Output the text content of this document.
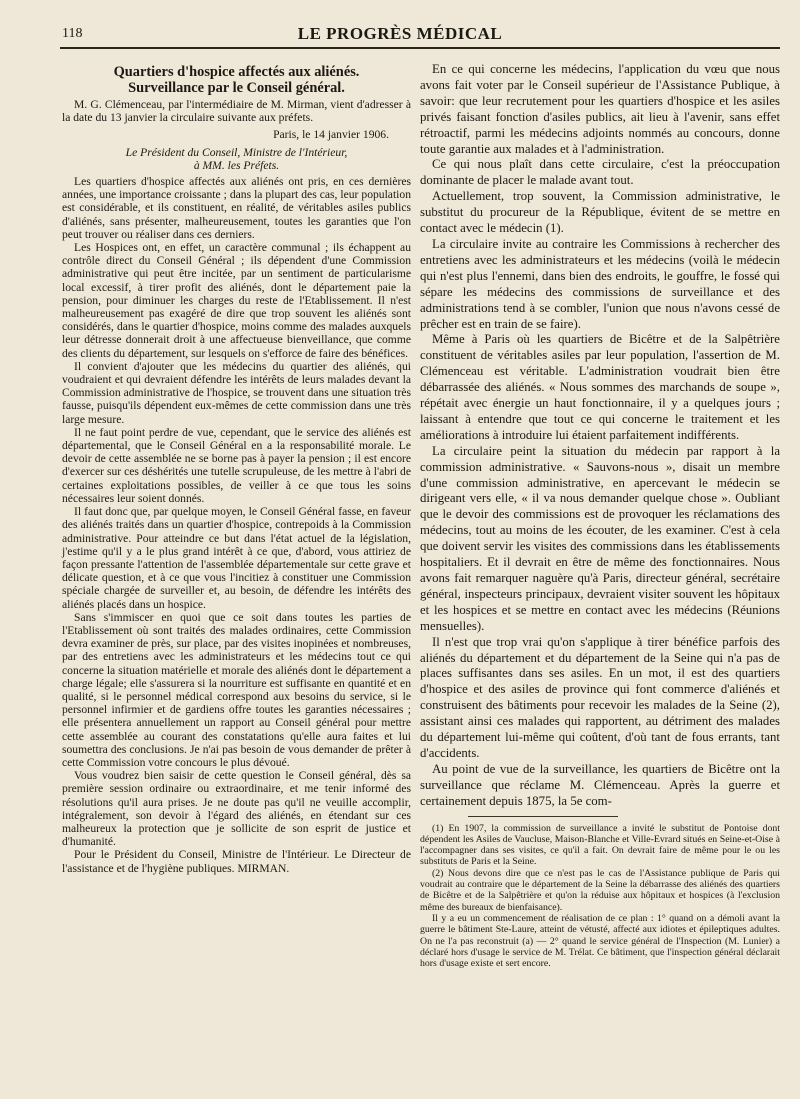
118	LE PROGRÈS MÉDICAL
Quartiers d'hospice affectés aux aliénés.
Surveillance par le Conseil général.

M. G. Clémenceau, par l'intermédiaire de M. Mirman, vient d'adresser à la date du 13 janvier la circulaire suivante aux préfets.

Paris, le 14 janvier 1906.
Le Président du Conseil, Ministre de l'Intérieur,
à MM. les Préfets.

Les quartiers d'hospice affectés aux aliénés ont pris, en ces dernières années, une importance croissante ; dans la plupart des cas, leur population est considérable, et ils constituent, en réalité, de véritables asiles publics d'aliénés, sans présenter, malheureusement, toutes les garanties que l'on peut trouver ou réaliser dans ces derniers.

Les Hospices ont, en effet, un caractère communal ; ils échappent au contrôle direct du Conseil Général ; ils dépendent d'une Commission administrative qui peut être incitée, par un sentiment de particularisme local excessif, à tirer profit des aliénés, dont le département paie la pension, pour diminuer les charges du reste de l'Etablissement. Il n'est malheureusement pas exagéré de dire que trop souvent les aliénés sont considérés, dans le quartier d'hospice, moins comme des malades auxquels leur détresse donnerait droit à une affectueuse bienveillance, que comme des clients du département, sur lesquels on s'efforce de faire des bénéfices.

Il convient d'ajouter que les médecins du quartier des aliénés, qui voudraient et qui devraient défendre les intérêts de leurs malades devant la Commission administrative de l'hospice, se trouvent dans une situation très fausse, puisqu'ils dépendent eux-mêmes de cette commission dans une très large mesure.

Il ne faut point perdre de vue, cependant, que le service des aliénés est départemental, que le Conseil Général en a la responsabilité morale. Le devoir de cette assemblée ne se borne pas à payer la pension ; il est encore d'exercer sur ces déshérités une tutelle scrupuleuse, de les mettre à l'abri de certaines exploitations possibles, de veiller à ce que tous les soins nécessaires leur soient donnés.

Il faut donc que, par quelque moyen, le Conseil Général fasse, en faveur des aliénés traités dans un quartier d'hospice, contrepoids à la Commission administrative. Pour atteindre ce but dans l'état actuel de la législation, j'estime qu'il y a le plus grand intérêt à ce que, d'abord, vous attiriez de façon pressante l'attention de l'assemblée départementale sur cette grave et délicate question, et à ce que vous l'incitiez à constituer une Commission spéciale chargée de surveiller et, au besoin, de défendre les intérêts des aliénés placés dans un hospice.

Sans s'immiscer en quoi que ce soit dans toutes les parties de l'Etablissement où sont traités des malades ordinaires, cette Commission devra examiner de près, sur place, par des visites inopinées et nombreuses, par des entretiens avec les administrateurs et les médecins tout ce qui concerne la situation matérielle et morale des aliénés dont le département a charge légale; elle s'assurera si la nourriture est suffisante en quantité et en qualité, si le personnel médical correspond aux besoins du service, si le personnel infirmier et de gardiens offre toutes les garanties nécessaires ; elle présentera annuellement un rapport au Conseil général pour mettre cette assemblée au courant des constatations qu'elle aura faites et lui soumettra des conclusions. Je n'ai pas besoin de vous demander de prêter à cette Commission votre concours le plus dévoué.

Vous voudrez bien saisir de cette question le Conseil général, dès sa première session ordinaire ou extraordinaire, et me tenir informé des résolutions qu'il aura prises. Je ne doute pas qu'il ne veuille accomplir, intégralement, son devoir à l'égard des aliénés, en étendant sur ces malheureux la protection que je sollicite de son esprit de justice et d'humanité.

Pour le Président du Conseil, Ministre de l'Intérieur. Le Directeur de l'assistance et de l'hygiène publiques. MIRMAN.

En ce qui concerne les médecins, l'application du vœu que nous avons fait voter par le Conseil supérieur de l'Assistance Publique, à savoir: que leur recrutement pour les quartiers d'hospice et les asiles privés faisant fonction d'asiles publics, ait lieu à l'avenir, sans effet rétroactif, parmi les médecins adjoints nommés au concours, donne toute garantie aux malades et à l'administration.

Ce qui nous plaît dans cette circulaire, c'est la préoccupation dominante de placer le malade avant tout.

Actuellement, trop souvent, la Commission administrative, le substitut du procureur de la République, évitent de se mettre en contact avec le médecin (1).

La circulaire invite au contraire les Commissions à rechercher des entretiens avec les administrateurs et les médecins (voilà le médecin qui n'est plus l'ennemi, dans bien des endroits, le gouffre, le fossé qui sépare les médecins des commissions de surveillance et des administrations tend à se combler, l'union que nous n'avons cessé de prêcher est en train de se faire).

Même à Paris où les quartiers de Bicêtre et de la Salpêtrière constituent de véritables asiles par leur population, l'assertion de M. Clémenceau est véritable. L'administration voudrait bien être débarrassée des aliénés. « Nous sommes des marchands de soupe », répétait avec énergie un haut fonctionnaire, il y a quelques jours ; laissant à entendre que tout ce qui concerne le traitement et les améliorations à introduire lui étaient parfaitement indifférents.

La circulaire peint la situation du médecin par rapport à la commission administrative. « Sauvons-nous », disait un membre d'une commission administrative, en apercevant le médecin se dirigeant vers elle, « il va nous demander quelque chose ». Oubliant que le devoir des commissions est de provoquer les réclamations des médecins, tout au moins de les écouter, de les examiner. C'est à cela que doivent servir les visites des commissions dans les établissements hospitaliers. Et il devrait en être de même des fonctionnaires. Nous avons fait remarquer naguère qu'à Paris, directeur général, secrétaire général, inspecteurs principaux, devraient visiter souvent les hôpitaux et les hospices et se mettre en contact avec les médecins (Réunions mensuelles).

Il n'est que trop vrai qu'on s'applique à tirer bénéfice parfois des aliénés du département et du département de la Seine qui n'a pas de places suffisantes dans ses asiles. En un mot, il est des quartiers d'hospice et des asiles de province qui font commerce d'aliénés et construisent des bâtiments pour recevoir les malades de la Seine (2), assistant ainsi ces malades qui rapportent, au détriment des malades du département lui-même qui coûtent, d'où tant de fous errants, tant d'accidents.

Au point de vue de la surveillance, les quartiers de Bicêtre ont la surveillance que réclame M. Clémenceau. Après la guerre et certainement depuis 1875, la 5e com-

(1) En 1907, la commission de surveillance a invité le substitut de Pontoise dont dépendent les Asiles de Vaucluse, Maison-Blanche et Ville-Evrard situés en Seine-et-Oise à l'accompagner dans ses visites, ce qu'il a fait. On devrait faire de même pour le ou les substituts de Paris et la Seine.

(2) Nous devons dire que ce n'est pas le cas de l'Assistance publique de Paris qui voudrait au contraire que le département de la Seine la débarrasse des aliénés des quartiers de Bicêtre et de la Salpêtrière et qu'on la réduise aux hôpitaux et hospices (à l'exclusion même des bureaux de bienfaisance).

Il y a eu un commencement de réalisation de ce plan : 1° quand on a démoli avant la guerre le bâtiment Ste-Laure, atteint de vétusté, affecté aux idiotes et épileptiques adultes. On ne l'a pas reconstruit (a) — 2° quand le service général de l'Inspection (M. Lunier) a déclaré hors d'usage le service de M. Trélat. Ce bâtiment, que l'inspection général déclarait hors d'usage existe et sert encore.
